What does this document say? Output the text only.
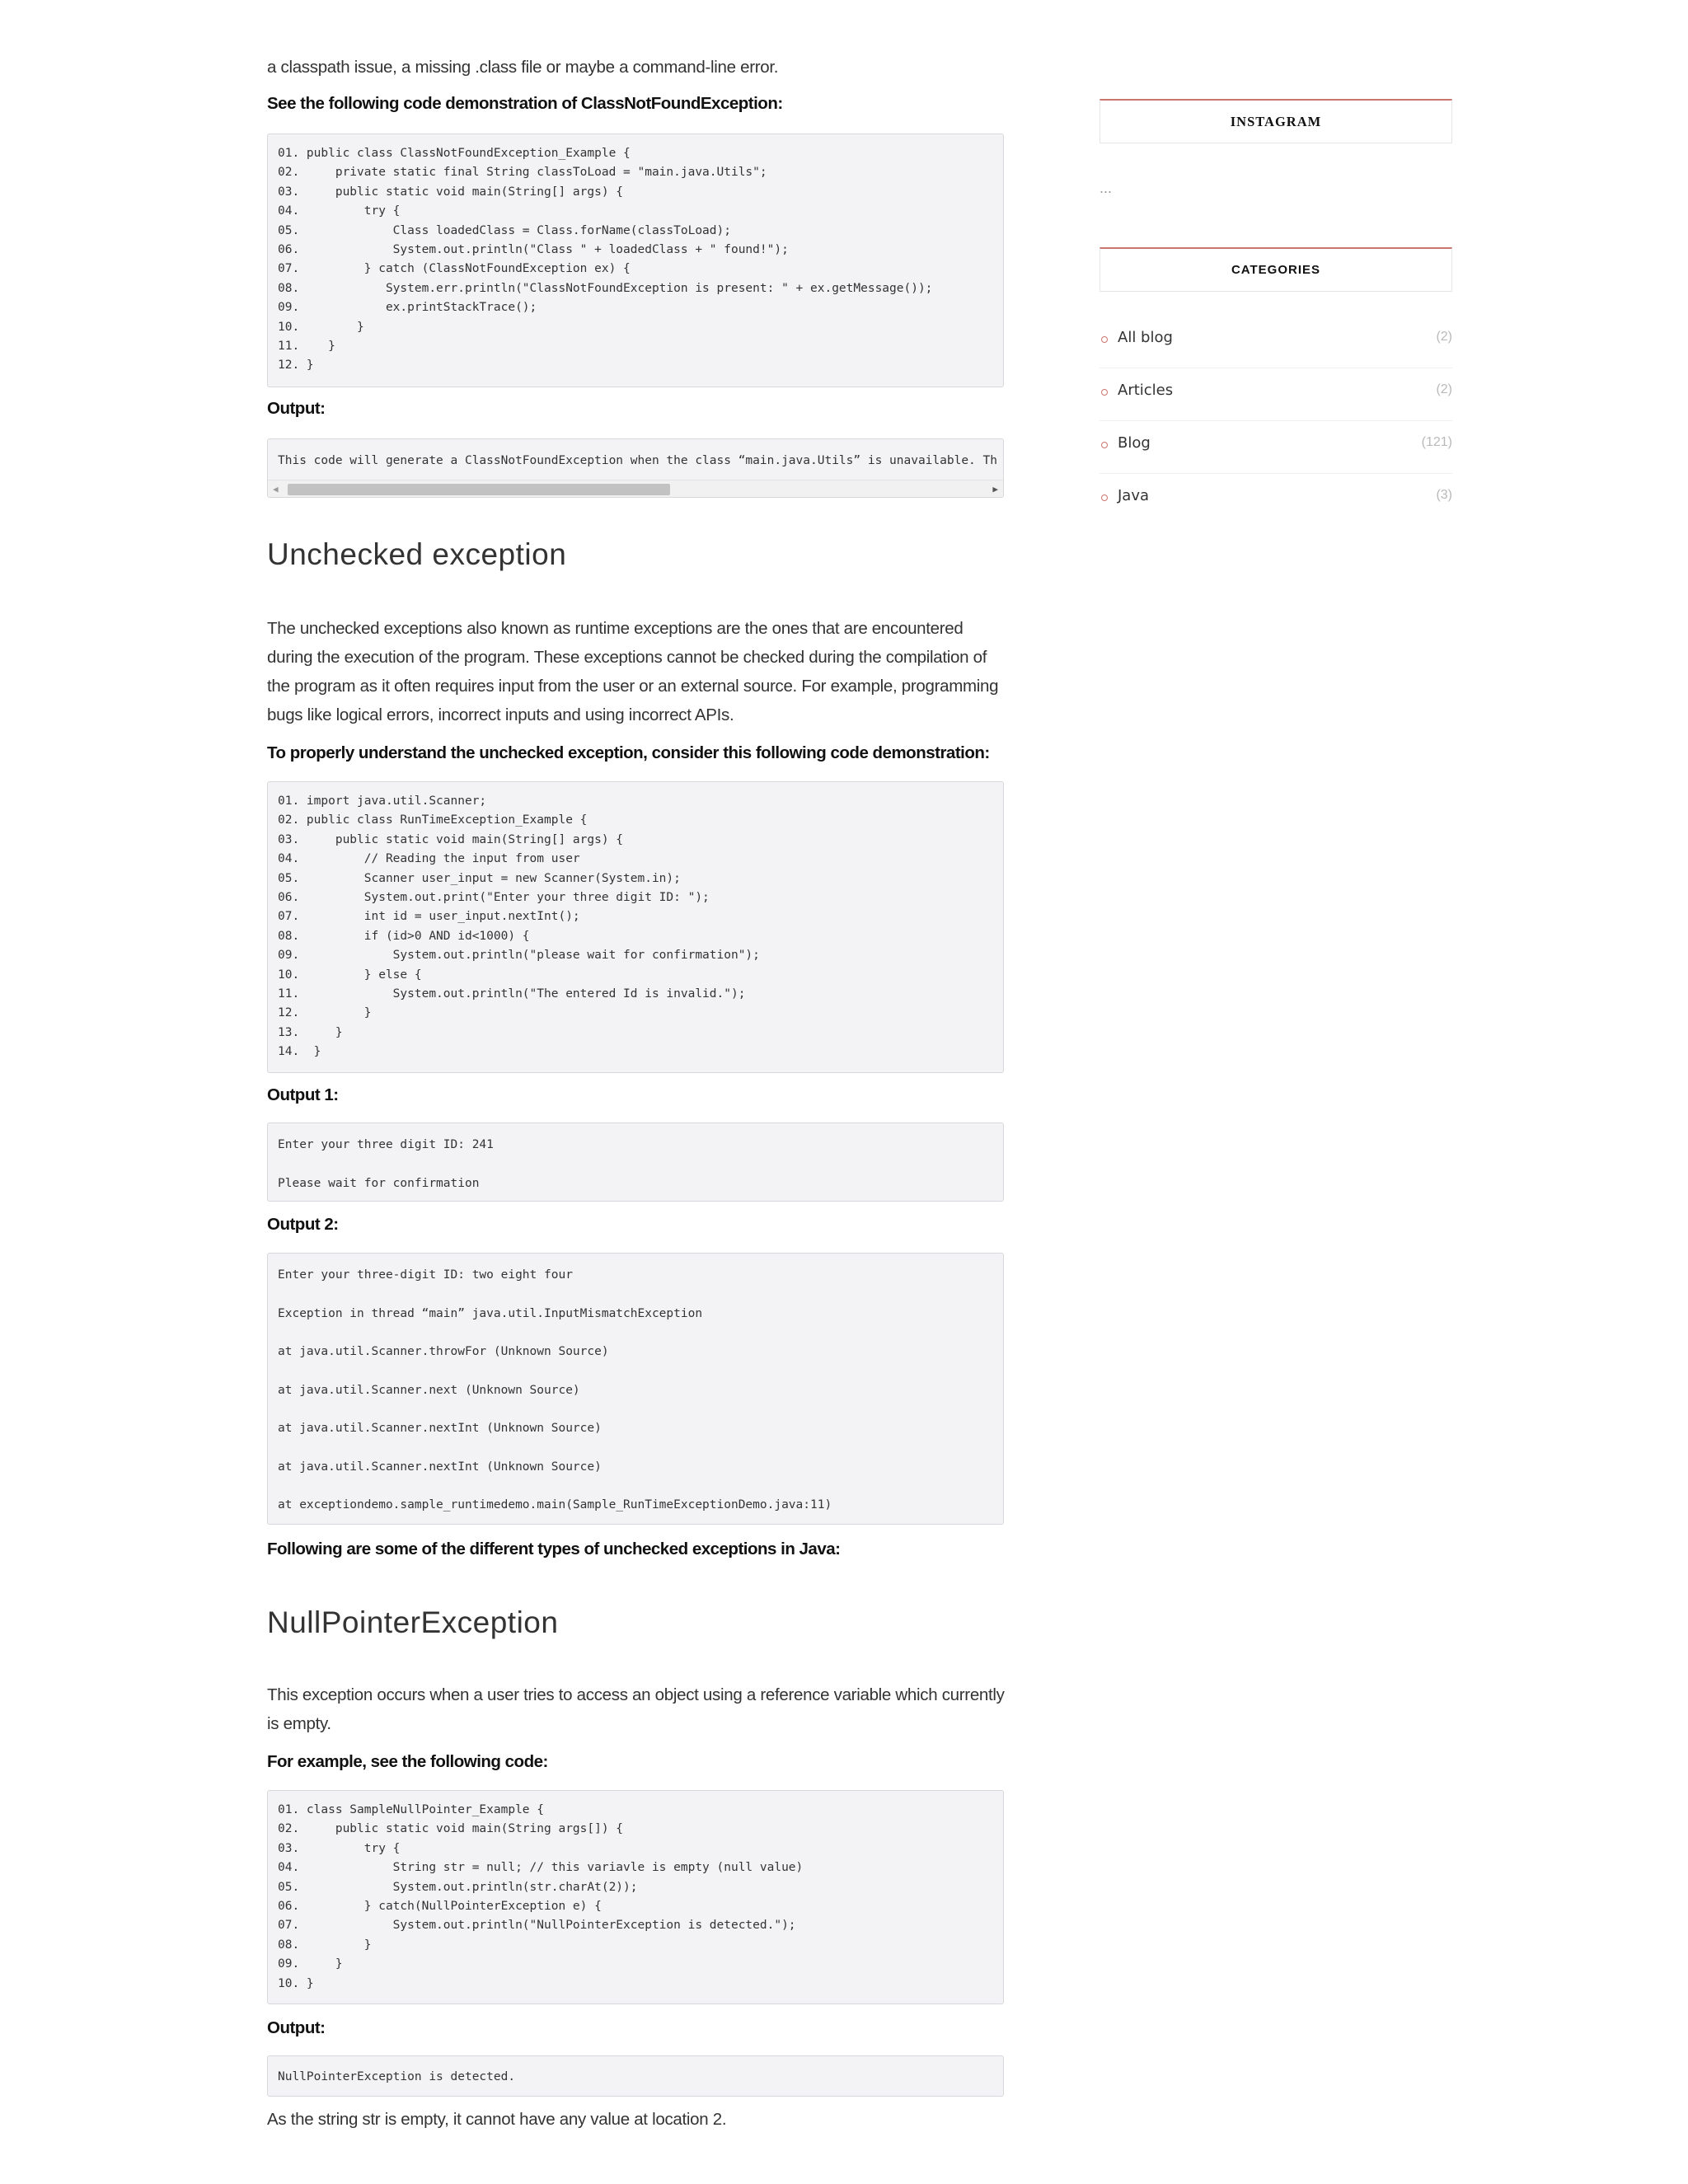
a classpath issue, a missing .class file or maybe a command-line error.

See the following code demonstration of ClassNotFoundException:

01. public class ClassNotFoundException_Example {
02.     private static final String classToLoad = "main.java.Utils";
03.     public static void main(String[] args) {
04.         try {
05.             Class loadedClass = Class.forName(classToLoad);
06.             System.out.println("Class " + loadedClass + " found!");
07.         } catch (ClassNotFoundException ex) {
08.            System.err.println("ClassNotFoundException is present: " + ex.getMessage());
09.            ex.printStackTrace();
10.        }
11.    }
12. }

Output:

This code will generate a ClassNotFoundException when the class “main.java.Utils” is unavailable. Th
◀	▶
Unchecked exception

The unchecked exceptions also known as runtime exceptions are the ones that are encountered during the execution of the program. These exceptions cannot be checked during the compilation of the program as it often requires input from the user or an external source. For example, programming bugs like logical errors, incorrect inputs and using incorrect APIs.

To properly understand the unchecked exception, consider this following code demonstration:

01. import java.util.Scanner;
02. public class RunTimeException_Example {
03.     public static void main(String[] args) {
04.         // Reading the input from user
05.         Scanner user_input = new Scanner(System.in);
06.         System.out.print("Enter your three digit ID: ");
07.         int id = user_input.nextInt();
08.         if (id>0 AND id<1000) {
09.             System.out.println("please wait for confirmation");
10.         } else {
11.             System.out.println("The entered Id is invalid.");
12.         }
13.     }
14.  }

Output 1:

Enter your three digit ID: 241
Please wait for confirmation

Output 2:

Enter your three-digit ID: two eight four
Exception in thread “main” java.util.InputMismatchException
at java.util.Scanner.throwFor (Unknown Source)
at java.util.Scanner.next (Unknown Source)
at java.util.Scanner.nextInt (Unknown Source)
at java.util.Scanner.nextInt (Unknown Source)
at exceptiondemo.sample_runtimedemo.main(Sample_RunTimeExceptionDemo.java:11)

Following are some of the different types of unchecked exceptions in Java:

NullPointerException

This exception occurs when a user tries to access an object using a reference variable which currently is empty.

For example, see the following code:

01. class SampleNullPointer_Example {
02.     public static void main(String args[]) {
03.         try {
04.             String str = null; // this variavle is empty (null value)
05.             System.out.println(str.charAt(2));
06.         } catch(NullPointerException e) {
07.             System.out.println("NullPointerException is detected.");
08.         }
09.     }
10. }

Output:

NullPointerException is detected.

As the string str is empty, it cannot have any value at location 2.

INSTAGRAM
...
CATEGORIES
All blog	(2)
Articles	(2)
Blog	(121)
Java	(3)
